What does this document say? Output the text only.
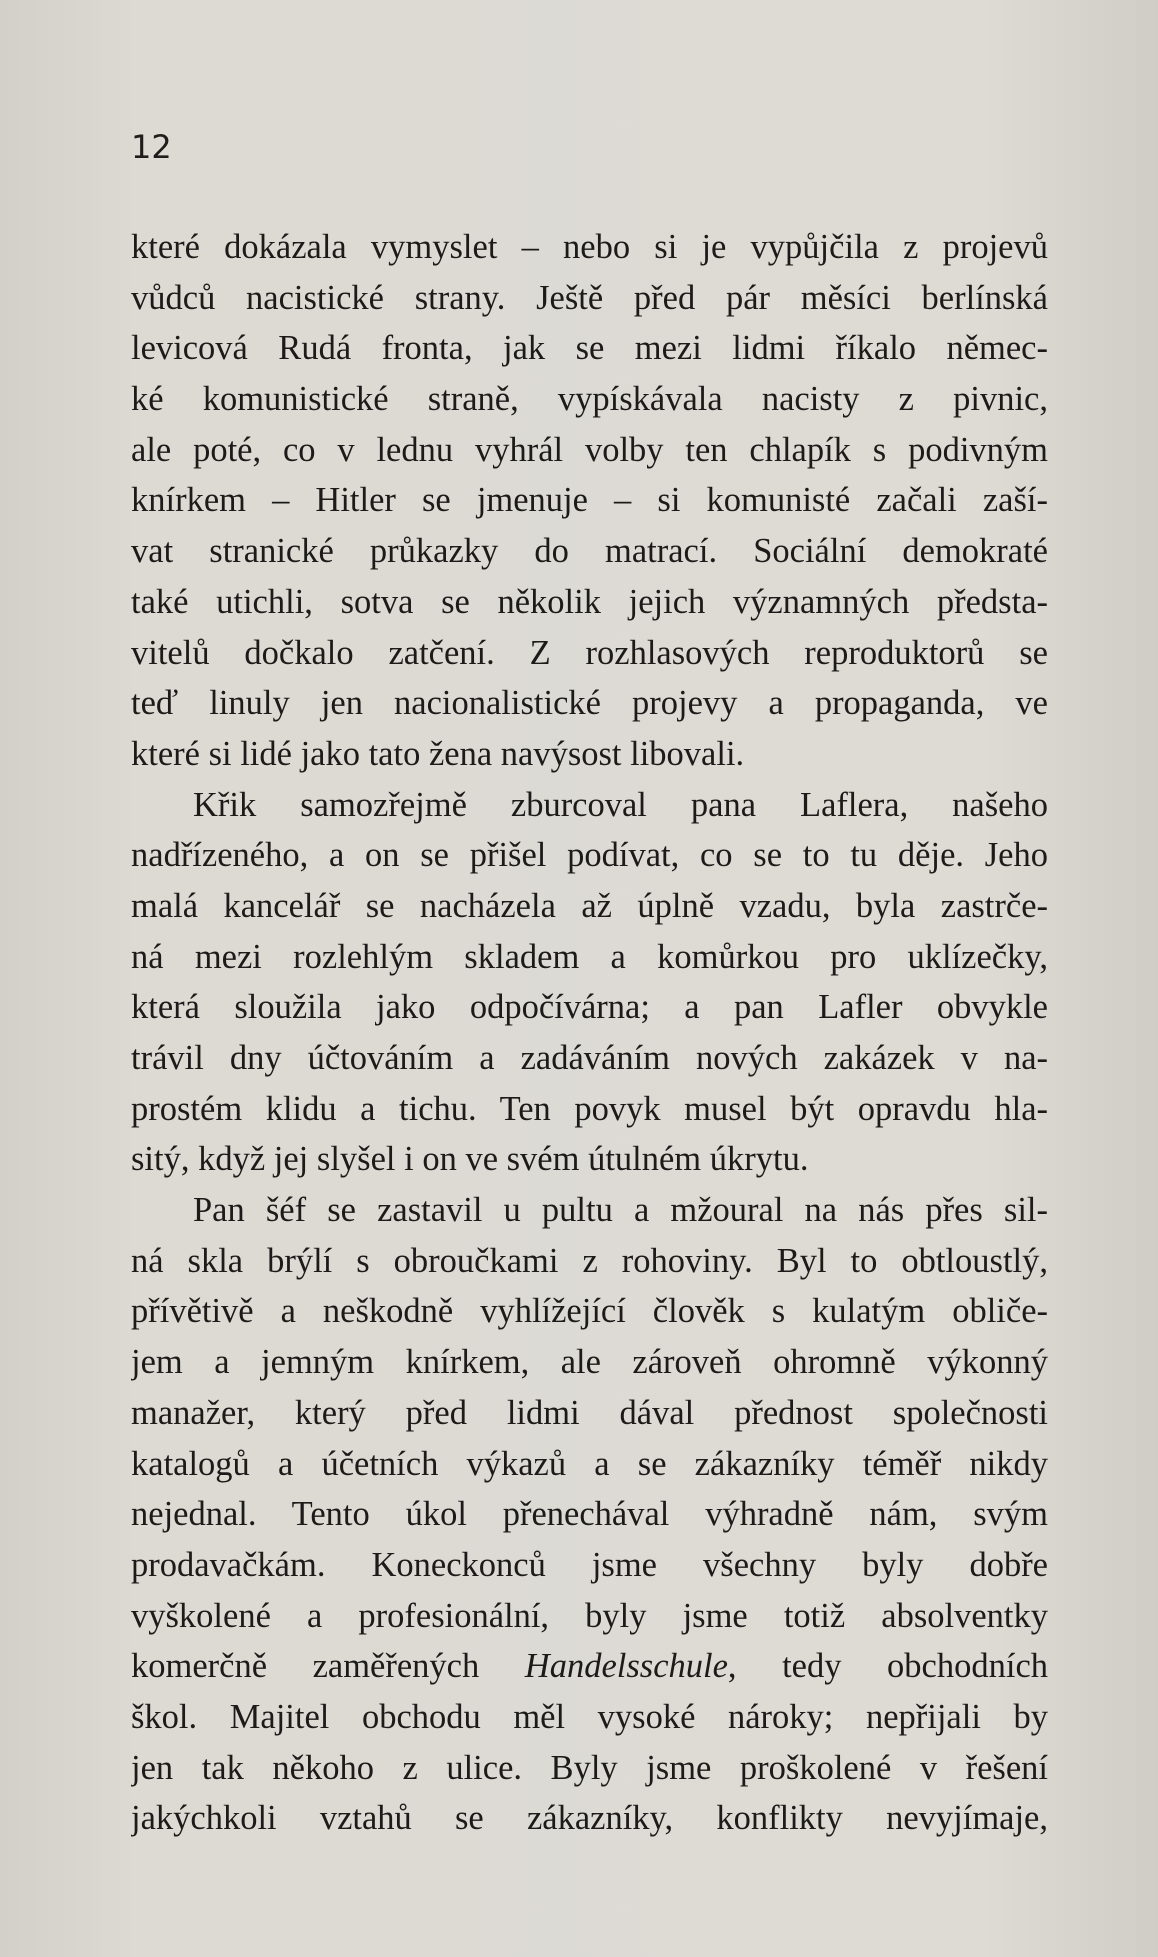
12
které dokázala vymyslet – nebo si je vypůjčila z projevů
vůdců nacistické strany. Ještě před pár měsíci berlínská
levicová Rudá fronta, jak se mezi lidmi říkalo němec-
ké komunistické straně, vypískávala nacisty z pivnic,
ale poté, co v lednu vyhrál volby ten chlapík s podivným
knírkem – Hitler se jmenuje – si komunisté začali zaší-
vat stranické průkazky do matrací. Sociální demokraté
také utichli, sotva se několik jejich významných předsta-
vitelů dočkalo zatčení. Z rozhlasových reproduktorů se
teď linuly jen nacionalistické projevy a propaganda, ve
které si lidé jako tato žena navýsost libovali.
Křik samozřejmě zburcoval pana Laflera, našeho
nadřízeného, a on se přišel podívat, co se to tu děje. Jeho
malá kancelář se nacházela až úplně vzadu, byla zastrče-
ná mezi rozlehlým skladem a komůrkou pro uklízečky,
která sloužila jako odpočívárna; a pan Lafler obvykle
trávil dny účtováním a zadáváním nových zakázek v na-
prostém klidu a tichu. Ten povyk musel být opravdu hla-
sitý, když jej slyšel i on ve svém útulném úkrytu.
Pan šéf se zastavil u pultu a mžoural na nás přes sil-
ná skla brýlí s obroučkami z rohoviny. Byl to obtloustlý,
přívětivě a neškodně vyhlížející člověk s kulatým obliče-
jem a jemným knírkem, ale zároveň ohromně výkonný
manažer, který před lidmi dával přednost společnosti
katalogů a účetních výkazů a se zákazníky téměř nikdy
nejednal. Tento úkol přenechával výhradně nám, svým
prodavačkám. Koneckonců jsme všechny byly dobře
vyškolené a profesionální, byly jsme totiž absolventky
komerčně zaměřených Handelsschule, tedy obchodních
škol. Majitel obchodu měl vysoké nároky; nepřijali by
jen tak někoho z ulice. Byly jsme proškolené v řešení
jakýchkoli vztahů se zákazníky, konflikty nevyjímaje,
